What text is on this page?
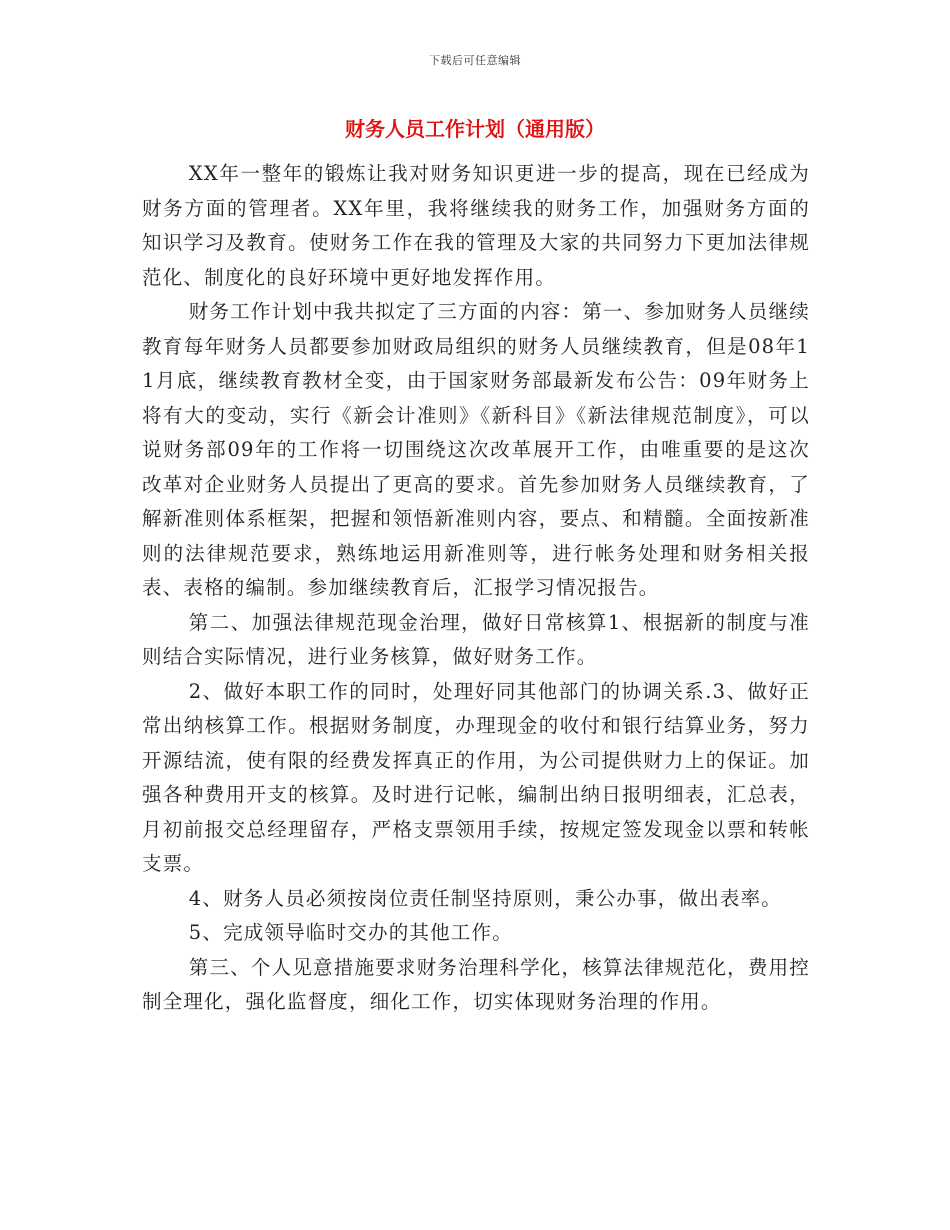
下载后可任意编辑
财务人员工作计划（通用版）

XX年一整年的锻炼让我对财务知识更进一步的提高，现在已经成为财务方面的管理者。XX年里，我将继续我的财务工作，加强财务方面的知识学习及教育。使财务工作在我的管理及大家的共同努力下更加法律规范化、制度化的良好环境中更好地发挥作用。

财务工作计划中我共拟定了三方面的内容：第一、参加财务人员继续教育每年财务人员都要参加财政局组织的财务人员继续教育，但是08年11月底，继续教育教材全变，由于国家财务部最新发布公告：09年财务上将有大的变动，实行《新会计准则》《新科目》《新法律规范制度》，可以说财务部09年的工作将一切围绕这次改革展开工作，由唯重要的是这次改革对企业财务人员提出了更高的要求。首先参加财务人员继续教育，了解新准则体系框架，把握和领悟新准则内容，要点、和精髓。全面按新准则的法律规范要求，熟练地运用新准则等，进行帐务处理和财务相关报表、表格的编制。参加继续教育后，汇报学习情况报告。

第二、加强法律规范现金治理，做好日常核算1、根据新的制度与准则结合实际情况，进行业务核算，做好财务工作。

2、做好本职工作的同时，处理好同其他部门的协调关系.3、做好正常出纳核算工作。根据财务制度，办理现金的收付和银行结算业务，努力开源结流，使有限的经费发挥真正的作用，为公司提供财力上的保证。加强各种费用开支的核算。及时进行记帐，编制出纳日报明细表，汇总表，月初前报交总经理留存，严格支票领用手续，按规定签发现金以票和转帐支票。

4、财务人员必须按岗位责任制坚持原则，秉公办事，做出表率。

5、完成领导临时交办的其他工作。

第三、个人见意措施要求财务治理科学化，核算法律规范化，费用控制全理化，强化监督度，细化工作，切实体现财务治理的作用。
